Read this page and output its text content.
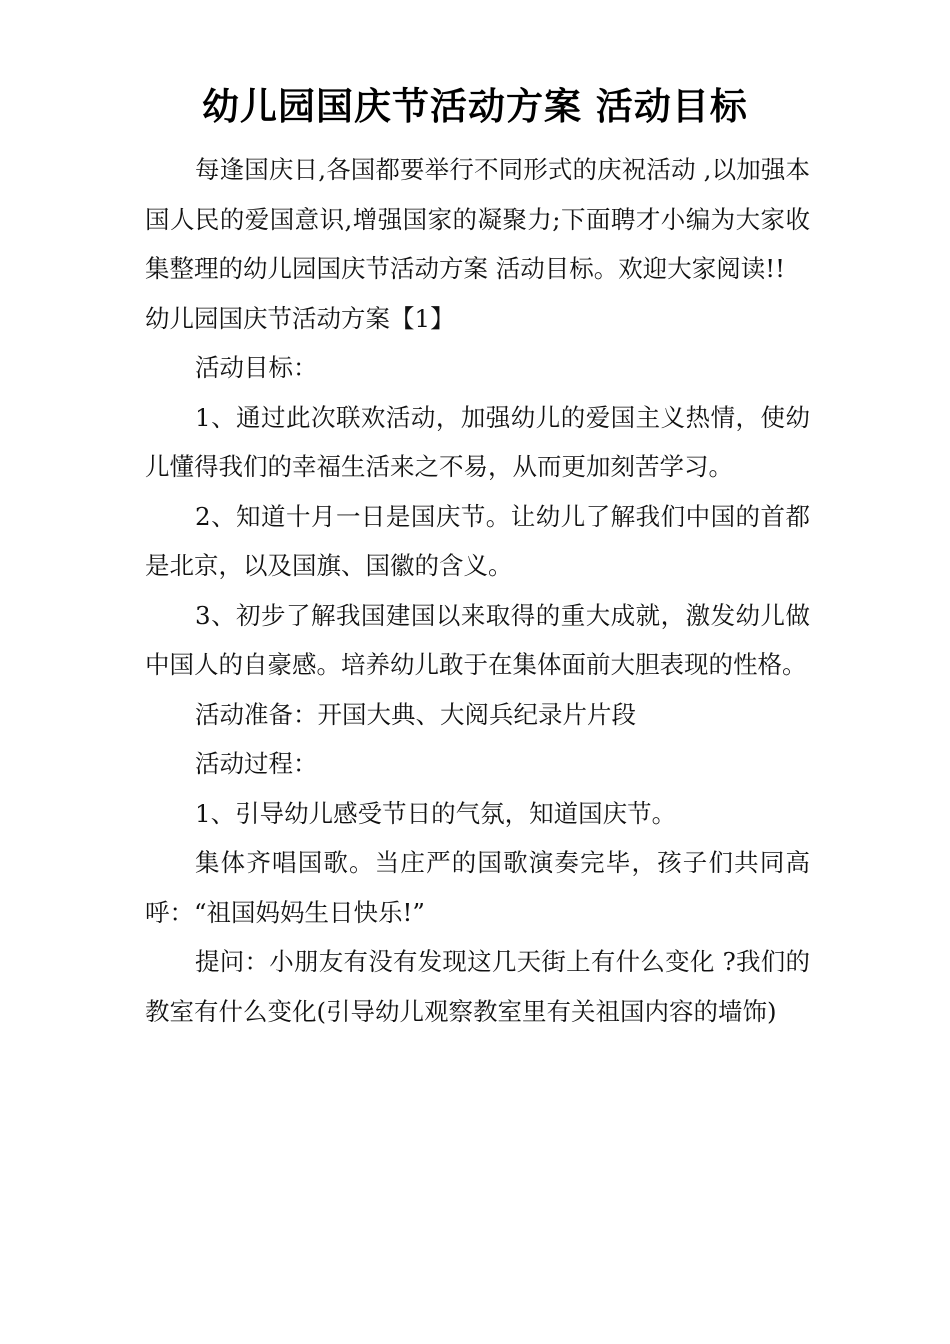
幼儿园国庆节活动方案 活动目标

每逢国庆日,各国都要举行不同形式的庆祝活动 ,以加强本国人民的爱国意识,增强国家的凝聚力;下面聘才小编为大家收集整理的幼儿园国庆节活动方案 活动目标。欢迎大家阅读!!

幼儿园国庆节活动方案【1】

活动目标：

1、通过此次联欢活动，加强幼儿的爱国主义热情，使幼儿懂得我们的幸福生活来之不易，从而更加刻苦学习。

2、知道十月一日是国庆节。让幼儿了解我们中国的首都是北京，以及国旗、国徽的含义。

3、初步了解我国建国以来取得的重大成就，激发幼儿做中国人的自豪感。培养幼儿敢于在集体面前大胆表现的性格。

活动准备：开国大典、大阅兵纪录片片段

活动过程：

1、引导幼儿感受节日的气氛，知道国庆节。

集体齐唱国歌。当庄严的国歌演奏完毕，孩子们共同高呼：“祖国妈妈生日快乐!”

提问：小朋友有没有发现这几天街上有什么变化 ?我们的教室有什么变化(引导幼儿观察教室里有关祖国内容的墙饰)
